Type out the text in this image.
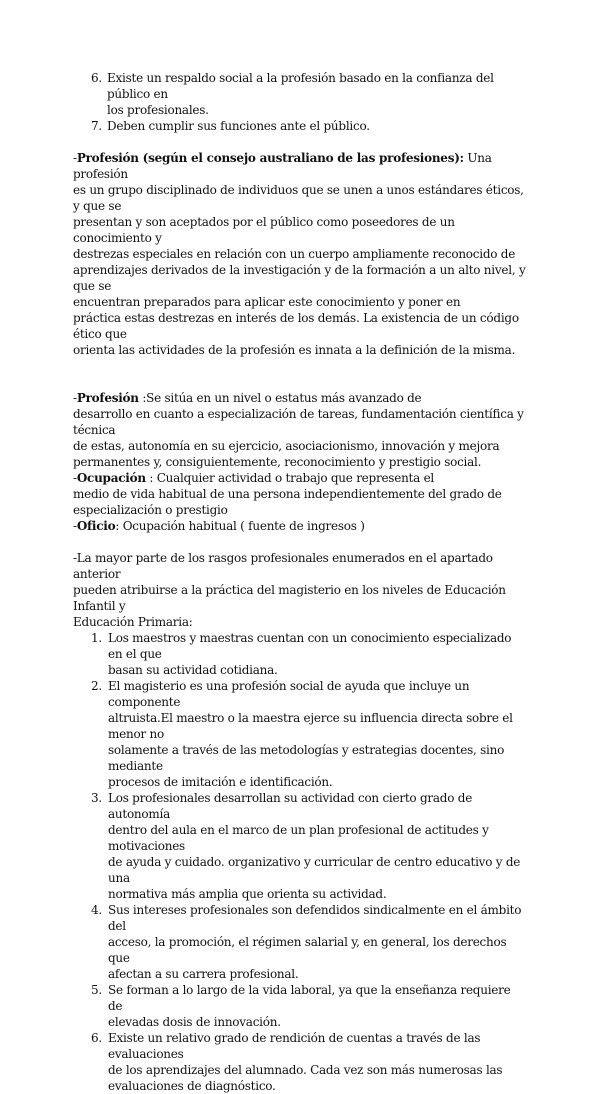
6. Existe un respaldo social a la profesión basado en la confianza del público en
los profesionales.
7. Deben cumplir sus funciones ante el público.
-Profesión (según el consejo australiano de las profesiones): Una profesión
es un grupo disciplinado de individuos que se unen a unos estándares éticos, y que se
presentan y son aceptados por el público como poseedores de un conocimiento y
destrezas especiales en relación con un cuerpo ampliamente reconocido de
aprendizajes derivados de la investigación y de la formación a un alto nivel, y que se
encuentran preparados para aplicar este conocimiento y poner en
práctica estas destrezas en interés de los demás. La existencia de un código ético que
orienta las actividades de la profesión es innata a la definición de la misma.
-Profesión :Se sitúa en un nivel o estatus más avanzado de
desarrollo en cuanto a especialización de tareas, fundamentación científica y técnica
de estas, autonomía en su ejercicio, asociacionismo, innovación y mejora
permanentes y, consiguientemente, reconocimiento y prestigio social.
-Ocupación : Cualquier actividad o trabajo que representa el
medio de vida habitual de una persona independientemente del grado de
especialización o prestigio
-Oficio: Ocupación habitual ( fuente de ingresos )
-La mayor parte de los rasgos profesionales enumerados en el apartado anterior
pueden atribuirse a la práctica del magisterio en los niveles de Educación Infantil y
Educación Primaria:
1. Los maestros y maestras cuentan con un conocimiento especializado en el que
basan su actividad cotidiana.
2. El magisterio es una profesión social de ayuda que incluye un componente
altruista.El maestro o la maestra ejerce su influencia directa sobre el menor no
solamente a través de las metodologías y estrategias docentes, sino mediante
procesos de imitación e identificación.
3. Los profesionales desarrollan su actividad con cierto grado de autonomía
dentro del aula en el marco de un plan profesional de actitudes y motivaciones
de ayuda y cuidado. organizativo y curricular de centro educativo y de una
normativa más amplia que orienta su actividad.
4. Sus intereses profesionales son defendidos sindicalmente en el ámbito del
acceso, la promoción, el régimen salarial y, en general, los derechos que
afectan a su carrera profesional.
5. Se forman a lo largo de la vida laboral, ya que la enseñanza requiere de
elevadas dosis de innovación.
6. Existe un relativo grado de rendición de cuentas a través de las evaluaciones
de los aprendizajes del alumnado. Cada vez son más numerosas las
evaluaciones de diagnóstico.
